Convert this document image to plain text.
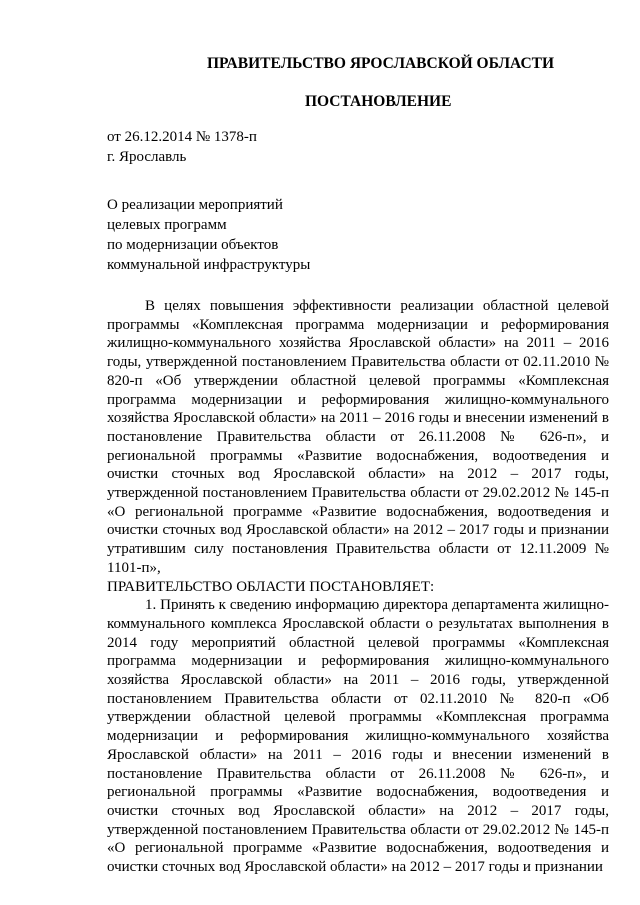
ПРАВИТЕЛЬСТВО ЯРОСЛАВСКОЙ ОБЛАСТИ
ПОСТАНОВЛЕНИЕ
от 26.12.2014 № 1378-п
г. Ярославль
О реализации мероприятий
целевых программ
по модернизации объектов
коммунальной инфраструктуры

В целях повышения эффективности реализации областной целевой программы «Комплексная программа модернизации и реформирования жилищно-коммунального хозяйства Ярославской области» на 2011 – 2016 годы, утвержденной постановлением Правительства области от 02.11.2010 № 820-п «Об утверждении областной целевой программы «Комплексная программа модернизации и реформирования жилищно-коммунального хозяйства Ярославской области» на 2011 – 2016 годы и внесении изменений в постановление Правительства области от 26.11.2008 № 626-п», и региональной программы «Развитие водоснабжения, водоотведения и очистки сточных вод Ярославской области» на 2012 – 2017 годы, утвержденной постановлением Правительства области от 29.02.2012 № 145-п «О региональной программе «Развитие водоснабжения, водоотведения и очистки сточных вод Ярославской области» на 2012 – 2017 годы и признании утратившим силу постановления Правительства области от 12.11.2009 № 1101-п»,

ПРАВИТЕЛЬСТВО ОБЛАСТИ ПОСТАНОВЛЯЕТ:

1. Принять к сведению информацию директора департамента жилищно-коммунального комплекса Ярославской области о результатах выполнения в 2014 году мероприятий областной целевой программы «Комплексная программа модернизации и реформирования жилищно-коммунального хозяйства Ярославской области» на 2011 – 2016 годы, утвержденной постановлением Правительства области от 02.11.2010 № 820-п «Об утверждении областной целевой программы «Комплексная программа модернизации и реформирования жилищно-коммунального хозяйства Ярославской области» на 2011 – 2016 годы и внесении изменений в постановление Правительства области от 26.11.2008 № 626-п», и региональной программы «Развитие водоснабжения, водоотведения и очистки сточных вод Ярославской области» на 2012 – 2017 годы, утвержденной постановлением Правительства области от 29.02.2012 № 145-п «О региональной программе «Развитие водоснабжения, водоотведения и очистки сточных вод Ярославской области» на 2012 – 2017 годы и признании
